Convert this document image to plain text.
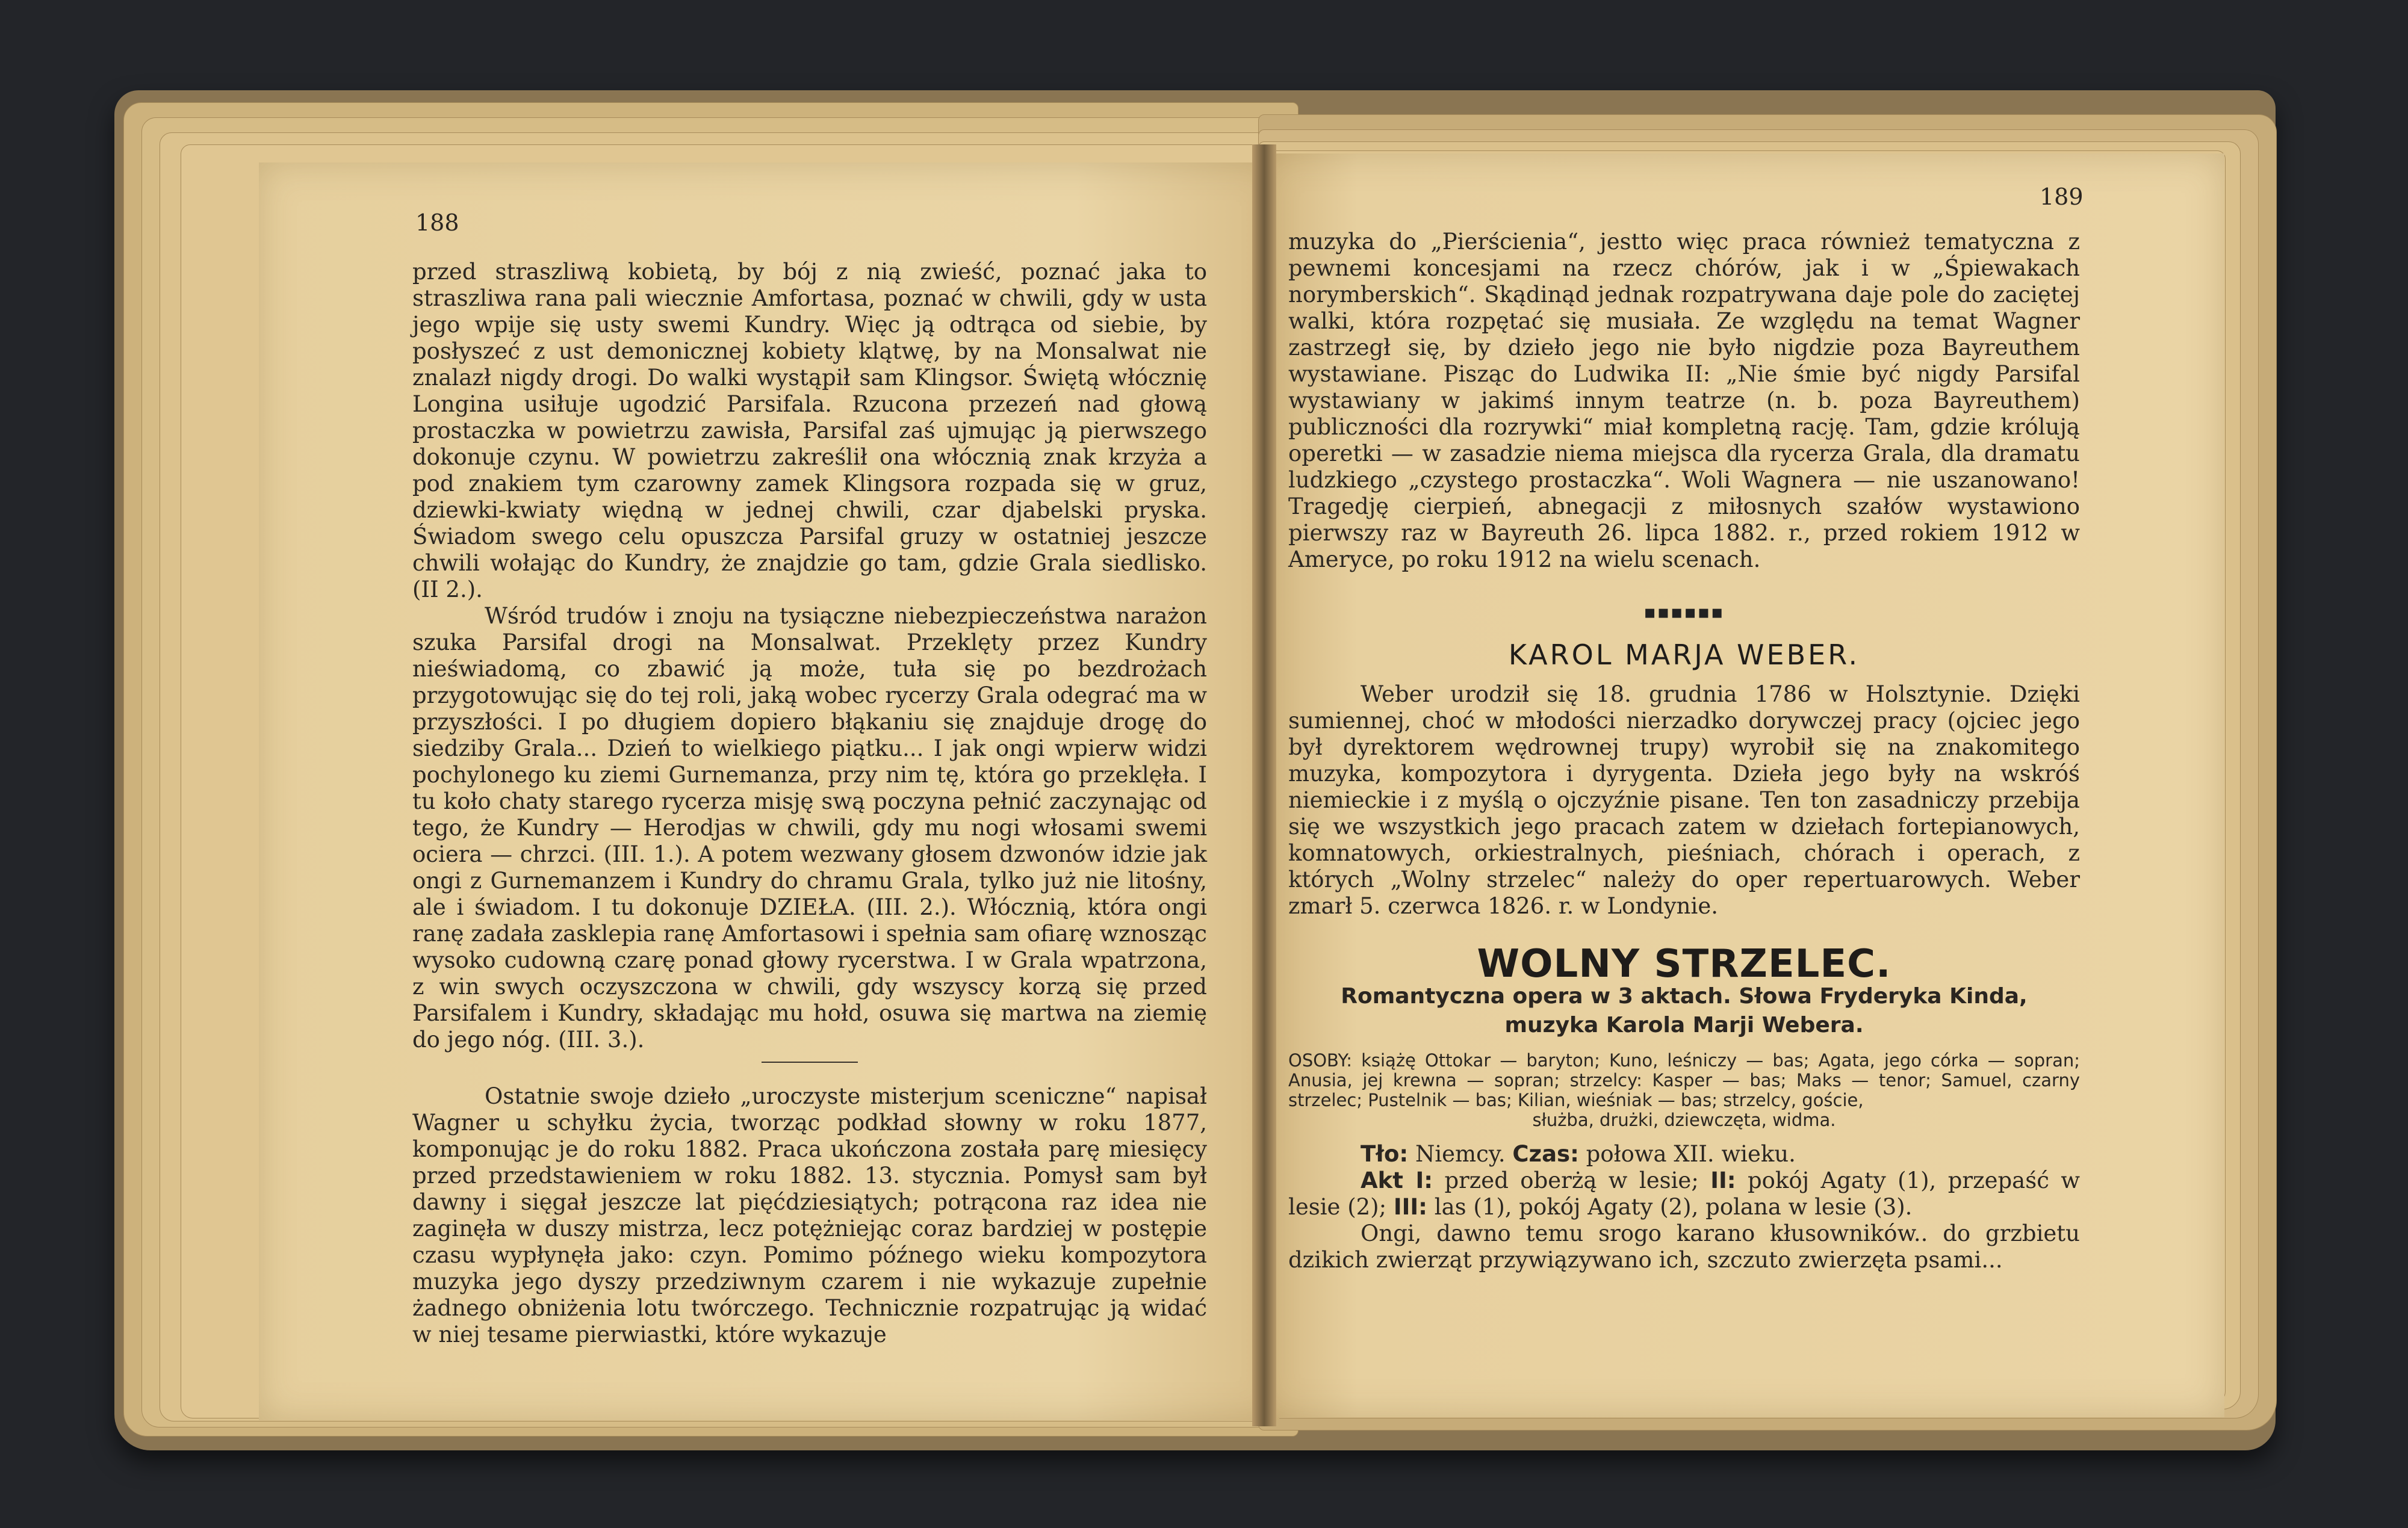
188

przed straszliwą kobietą, by bój z nią zwieść, poznać jaka to straszliwa rana pali wiecznie Amfortasa, poznać w chwili, gdy w usta jego wpije się usty swemi Kundry. Więc ją odtrąca od siebie, by posłyszeć z ust demonicznej kobiety klątwę, by na Monsalwat nie znalazł nigdy drogi. Do walki wystąpił sam Klingsor. Świętą włócznię Longina usiłuje ugodzić Parsifala. Rzucona przezeń nad głową prostaczka w powietrzu zawisła, Parsifal zaś ujmując ją pierwszego dokonuje czynu. W powietrzu zakreślił ona włócznią znak krzyża a pod znakiem tym czarowny zamek Klingsora rozpada się w gruz, dziewki-kwiaty więdną w jednej chwili, czar djabelski pryska. Świadom swego celu opuszcza Parsifal gruzy w ostatniej jeszcze chwili wołając do Kundry, że znajdzie go tam, gdzie Grala siedlisko. (II 2.).

Wśród trudów i znoju na tysiączne niebezpieczeństwa narażon szuka Parsifal drogi na Monsalwat. Przeklęty przez Kundry nieświadomą, co zbawić ją może, tuła się po bezdrożach przygotowując się do tej roli, jaką wobec rycerzy Grala odegrać ma w przyszłości. I po długiem dopiero błąkaniu się znajduje drogę do siedziby Grala... Dzień to wielkiego piątku... I jak ongi wpierw widzi pochylonego ku ziemi Gurnemanza, przy nim tę, która go przeklęła. I tu koło chaty starego rycerza misję swą poczyna pełnić zaczynając od tego, że Kundry — Herodjas w chwili, gdy mu nogi włosami swemi ociera — chrzci. (III. 1.). A potem wezwany głosem dzwonów idzie jak ongi z Gurnemanzem i Kundry do chramu Grala, tylko już nie litośny, ale i świadom. I tu dokonuje DZIEŁA. (III. 2.). Włócznią, która ongi ranę zadała zasklepia ranę Amfortasowi i spełnia sam ofiarę wznosząc wysoko cudowną czarę ponad głowy rycerstwa. I w Grala wpatrzona, z win swych oczyszczona w chwili, gdy wszyscy korzą się przed Parsifalem i Kundry, składając mu hołd, osuwa się martwa na ziemię do jego nóg. (III. 3.).

Ostatnie swoje dzieło „uroczyste misterjum sceniczne“ napisał Wagner u schyłku życia, tworząc podkład słowny w roku 1877, komponując je do roku 1882. Praca ukończona została parę miesięcy przed przedstawieniem w roku 1882. 13. stycznia. Pomysł sam był dawny i sięgał jeszcze lat pięćdziesiątych; potrącona raz idea nie zaginęła w duszy mistrza, lecz potężniejąc coraz bardziej w postępie czasu wypłynęła jako: czyn. Pomimo późnego wieku kompozytora muzyka jego dyszy przedziwnym czarem i nie wykazuje zupełnie żadnego obniżenia lotu twórczego. Technicznie rozpatrując ją widać w niej tesame pierwiastki, które wykazuje

189

muzyka do „Pierścienia“, jestto więc praca również tematyczna z pewnemi koncesjami na rzecz chórów, jak i w „Śpiewakach norymberskich“. Skądinąd jednak rozpatrywana daje pole do zaciętej walki, która rozpętać się musiała. Ze względu na temat Wagner zastrzegł się, by dzieło jego nie było nigdzie poza Bayreuthem wystawiane. Pisząc do Ludwika II: „Nie śmie być nigdy Parsifal wystawiany w jakimś innym teatrze (n. b. poza Bayreuthem) publiczności dla rozrywki“ miał kompletną rację. Tam, gdzie królują operetki — w zasadzie niema miejsca dla rycerza Grala, dla dramatu ludzkiego „czystego prostaczka“. Woli Wagnera — nie uszanowano! Tragedję cierpień, abnegacji z miłosnych szałów wystawiono pierwszy raz w Bayreuth 26. lipca 1882. r., przed rokiem 1912 w Ameryce, po roku 1912 na wielu scenach.

▪▪▪▪▪▪
KAROL MARJA WEBER.

Weber urodził się 18. grudnia 1786 w Holsztynie. Dzięki sumiennej, choć w młodości nierzadko dorywczej pracy (ojciec jego był dyrektorem wędrownej trupy) wyrobił się na znakomitego muzyka, kompozytora i dyrygenta. Dzieła jego były na wskróś niemieckie i z myślą o ojczyźnie pisane. Ten ton zasadniczy przebija się we wszystkich jego pracach zatem w dziełach fortepianowych, komnatowych, orkiestralnych, pieśniach, chórach i operach, z których „Wolny strzelec“ należy do oper repertuarowych. Weber zmarł 5. czerwca 1826. r. w Londynie.

WOLNY STRZELEC.
Romantyczna opera w 3 aktach. Słowa Fryderyka Kinda, muzyka Karola Marji Webera.
OSOBY: książę Ottokar — baryton; Kuno, leśniczy — bas; Agata, jego córka — sopran; Anusia, jej krewna — sopran; strzelcy: Kasper — bas; Maks — tenor; Samuel, czarny strzelec; Pustelnik — bas; Kilian, wieśniak — bas; strzelcy, goście,
służba, drużki, dziewczęta, widma.

Tło: Niemcy. Czas: połowa XII. wieku.

Akt I: przed oberżą w lesie; II: pokój Agaty (1), przepaść w lesie (2); III: las (1), pokój Agaty (2), polana w lesie (3).

Ongi, dawno temu srogo karano kłusowników.. do grzbietu dzikich zwierząt przywiązywano ich, szczuto zwierzęta psami...
